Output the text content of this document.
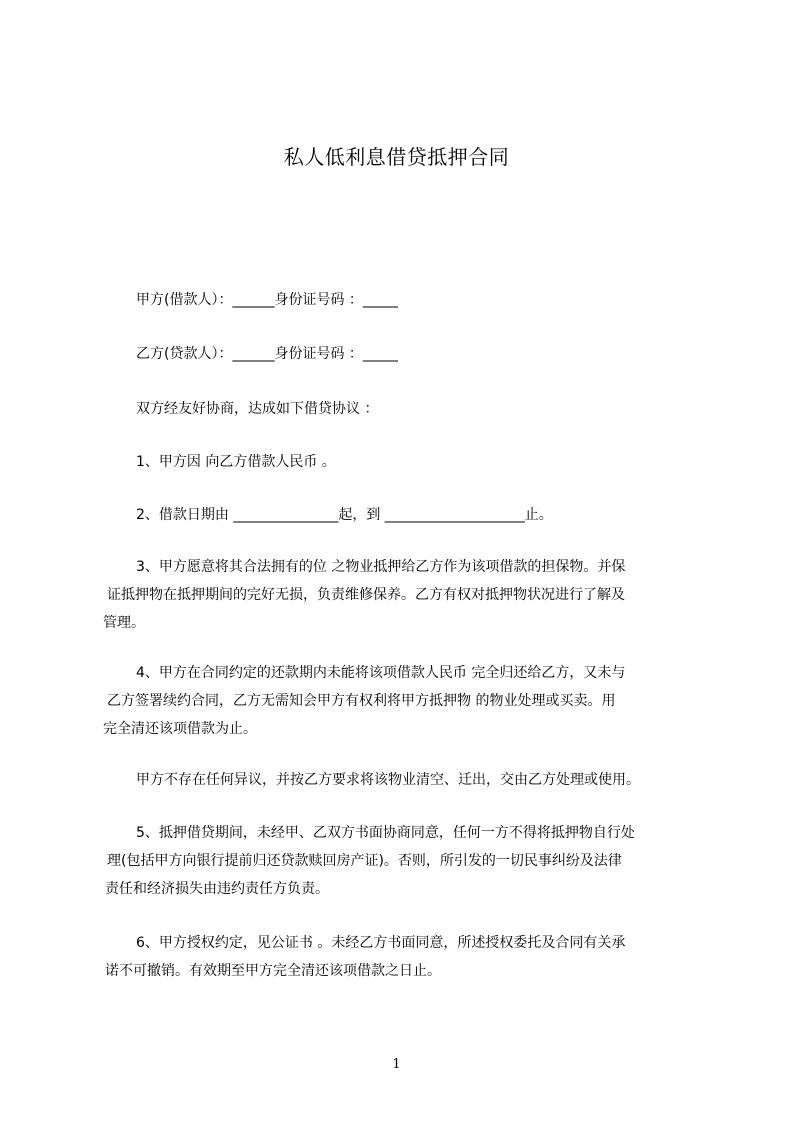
私人低利息借贷抵押合同
甲方(借款人）：______身份证号码 ：_____
乙方(贷款人）：______身份证号码 ：_____
双方经友好协商，达成如下借贷协议 ：
1、甲方因 向乙方借款人民币 。
2、借款日期由 _______________起，到 ____________________止。
3、甲方愿意将其合法拥有的位 之物业抵押给乙方作为该项借款的担保物。并保
证抵押物在抵押期间的完好无损，负责维修保养。乙方有权对抵押物状况进行了解及
管理。
4、甲方在合同约定的还款期内未能将该项借款人民币 完全归还给乙方，又未与
乙方签署续约合同，乙方无需知会甲方有权利将甲方抵押物 的物业处理或买卖。用
完全清还该项借款为止。
甲方不存在任何异议，并按乙方要求将该物业清空、迁出，交由乙方处理或使用。
5、抵押借贷期间，未经甲、乙双方书面协商同意，任何一方不得将抵押物自行处
理(包括甲方向银行提前归还贷款赎回房产证)。否则，所引发的一切民事纠纷及法律
责任和经济损失由违约责任方负责。
6、甲方授权约定，见公证书 。未经乙方书面同意，所述授权委托及合同有关承
诺不可撤销。有效期至甲方完全清还该项借款之日止。
1
